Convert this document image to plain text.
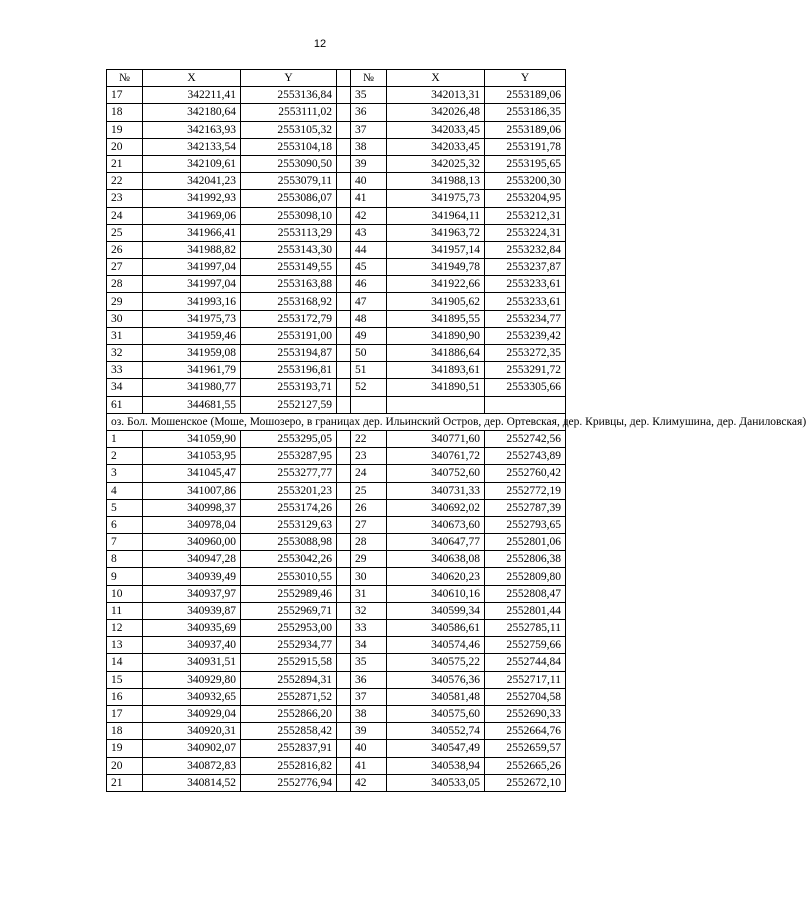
12
№	X	Y		№	X	Y
17	342211,41	2553136,84		35	342013,31	2553189,06
18	342180,64	2553111,02		36	342026,48	2553186,35
19	342163,93	2553105,32		37	342033,45	2553189,06
20	342133,54	2553104,18		38	342033,45	2553191,78
21	342109,61	2553090,50		39	342025,32	2553195,65
22	342041,23	2553079,11		40	341988,13	2553200,30
23	341992,93	2553086,07		41	341975,73	2553204,95
24	341969,06	2553098,10		42	341964,11	2553212,31
25	341966,41	2553113,29		43	341963,72	2553224,31
26	341988,82	2553143,30		44	341957,14	2553232,84
27	341997,04	2553149,55		45	341949,78	2553237,87
28	341997,04	2553163,88		46	341922,66	2553233,61
29	341993,16	2553168,92		47	341905,62	2553233,61
30	341975,73	2553172,79		48	341895,55	2553234,77
31	341959,46	2553191,00		49	341890,90	2553239,42
32	341959,08	2553194,87		50	341886,64	2553272,35
33	341961,79	2553196,81		51	341893,61	2553291,72
34	341980,77	2553193,71		52	341890,51	2553305,66
61	344681,55	2552127,59				
оз. Бол. Мошенское (Моше, Мошозеро, в границах дер. Ильинский Остров, дер. Ортевская, дер. Кривцы, дер. Климушина, дер. Даниловская)						
1	341059,90	2553295,05		22	340771,60	2552742,56
2	341053,95	2553287,95		23	340761,72	2552743,89
3	341045,47	2553277,77		24	340752,60	2552760,42
4	341007,86	2553201,23		25	340731,33	2552772,19
5	340998,37	2553174,26		26	340692,02	2552787,39
6	340978,04	2553129,63		27	340673,60	2552793,65
7	340960,00	2553088,98		28	340647,77	2552801,06
8	340947,28	2553042,26		29	340638,08	2552806,38
9	340939,49	2553010,55		30	340620,23	2552809,80
10	340937,97	2552989,46		31	340610,16	2552808,47
11	340939,87	2552969,71		32	340599,34	2552801,44
12	340935,69	2552953,00		33	340586,61	2552785,11
13	340937,40	2552934,77		34	340574,46	2552759,66
14	340931,51	2552915,58		35	340575,22	2552744,84
15	340929,80	2552894,31		36	340576,36	2552717,11
16	340932,65	2552871,52		37	340581,48	2552704,58
17	340929,04	2552866,20		38	340575,60	2552690,33
18	340920,31	2552858,42		39	340552,74	2552664,76
19	340902,07	2552837,91		40	340547,49	2552659,57
20	340872,83	2552816,82		41	340538,94	2552665,26
21	340814,52	2552776,94		42	340533,05	2552672,10
